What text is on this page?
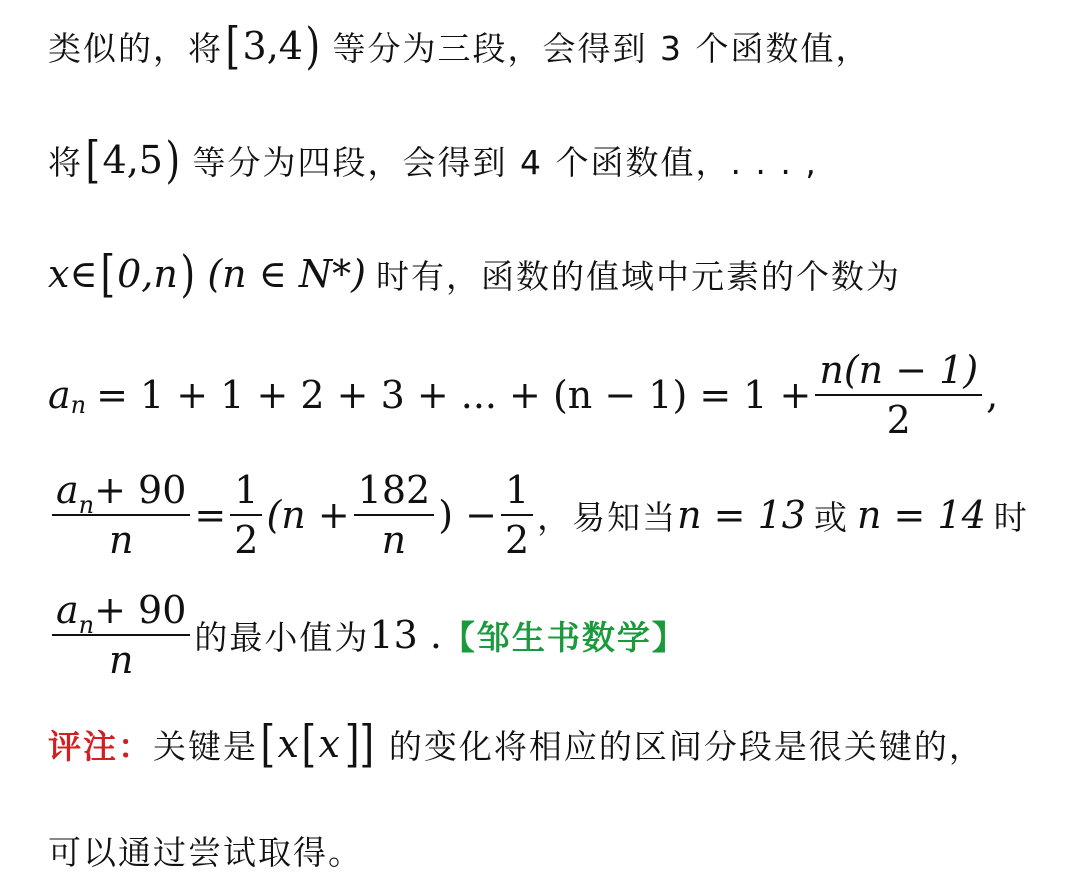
类似的，将 [ 3,4 ) 等分为三段，会得到 3 个函数值，
将 [ 4,5 ) 等分为四段，会得到 4 个函数值，. . . ,
x ∈ [ 0,n ) (n ∈ N*) 时有，函数的值域中元素的个数为
a n = 1 + 1 + 2 + 3 + ... + $(n - 1) = 1 + \frac{n(n - 1)}{2}$ ,
$\frac{\text{a n + 90}}{n} = \frac{1}{2} (n + \frac{182}{n}$ ) − $\frac{1}{2}$ ，易知当 n = 13 或 n = 14 时
$\frac{\text{a n + 90}}{n}$ 的最小值为 13 . 【邹生书数学】
评注： 关键是 [ x [ x ]] 的变化将相应的区间分段是很关键的，
可以通过尝试取得。
